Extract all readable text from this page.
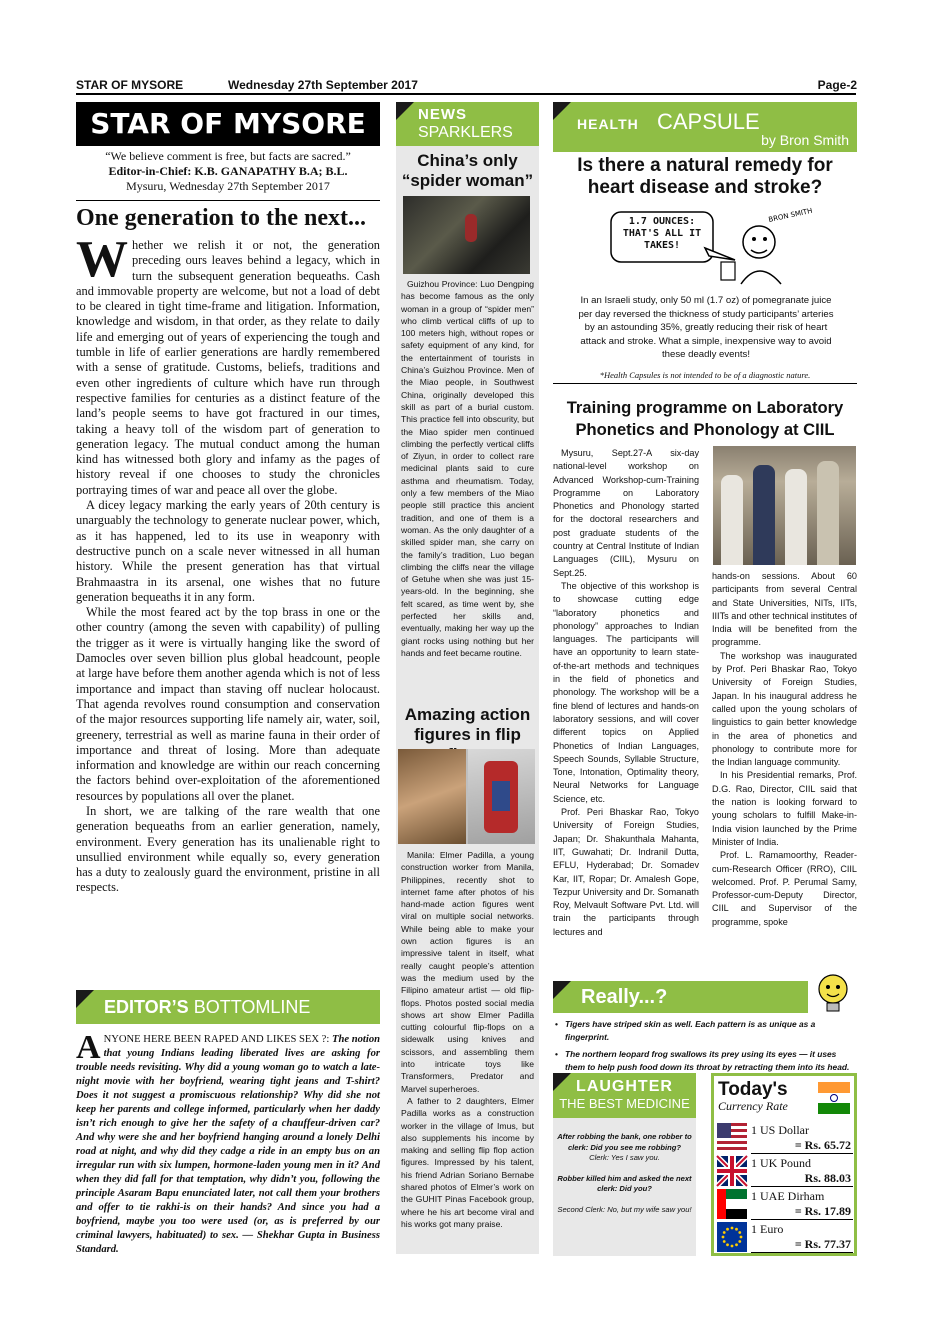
STAR OF MYSORE	Wednesday 27th September 2017	Page-2
STAR OF MYSORE
“We believe comment is free, but facts are sacred.”
Editor-in-Chief: K.B. GANAPATHY B.A; B.L.
Mysuru, Wednesday 27th September 2017
One generation to the next...

Whether we relish it or not, the generation preceding ours leaves behind a legacy, which in turn the subsequent generation bequeaths. Cash and immovable property are welcome, but not a load of debt to be cleared in tight time-frame and litigation. Information, knowledge and wisdom, in that order, as they relate to daily life and emerging out of years of experiencing the tough and tumble in life of earlier generations are hardly remembered with a sense of gratitude. Customs, beliefs, traditions and even other ingredients of culture which have run through respective families for centuries as a distinct feature of the land’s people seems to have got fractured in our times, taking a heavy toll of the wisdom part of generation to generation legacy. The mutual conduct among the human kind has witnessed both glory and infamy as the pages of history reveal if one chooses to study the chronicles portraying times of war and peace all over the globe.

A dicey legacy marking the early years of 20th century is unarguably the technology to generate nuclear power, which, as it has happened, led to its use in weaponry with destructive punch on a scale never witnessed in all human history. While the present generation has that virtual Brahmaastra in its arsenal, one wishes that no future generation bequeaths it in any form.

While the most feared act by the top brass in one or the other country (among the seven with capability) of pulling the trigger as it were is virtually hanging like the sword of Damocles over seven billion plus global headcount, people at large have before them another agenda which is not of less importance and impact than staving off nuclear holocaust. That agenda revolves round consumption and conservation of the major resources supporting life namely air, water, soil, greenery, terrestrial as well as marine fauna in their order of importance and threat of losing. More than adequate information and knowledge are within our reach concerning the factors behind over-exploitation of the aforementioned resources by populations all over the planet.

In short, we are talking of the rare wealth that one generation bequeaths from an earlier generation, namely, environment. Every generation has its unalienable right to unsullied environment while equally so, every generation has a duty to zealously guard the environment, pristine in all respects.

EDITOR’S BOTTOMLINE
ANYONE HERE BEEN RAPED AND LIKES SEX ?: The notion that young Indians leading liberated lives are asking for trouble needs revisiting. Why did a young woman go to watch a late-night movie with her boyfriend, wearing tight jeans and T-shirt? Does it not suggest a promiscuous relationship? Why did she not keep her parents and college informed, particularly when her daddy isn’t rich enough to give her the safety of a chauffeur-driven car? And why were she and her boyfriend hanging around a lonely Delhi road at night, and why did they cadge a ride in an empty bus on an irregular run with six lumpen, hormone-laden young men in it? And when they did fall for that temptation, why didn’t you, following the principle Asaram Bapu enunciated later, not call them your brothers and offer to tie rakhi-is on their hands? And since you had a boyfriend, maybe you too were used (or, as is preferred by our criminal lawyers, habituated) to sex. — Shekhar Gupta in Business Standard.
NEWS
SPARKLERS
China’s only “spider woman”

Guizhou Province: Luo Dengping has become famous as the only woman in a group of “spider men” who climb vertical cliffs of up to 100 meters high, without ropes or safety equipment of any kind, for the entertainment of tourists in China’s Guizhou Province. Men of the Miao people, in Southwest China, originally developed this skill as part of a burial custom. This practice fell into obscurity, but the Miao spider men continued climbing the perfectly vertical cliffs of Ziyun, in order to collect rare medicinal plants said to cure asthma and rheumatism. Today, only a few members of the Miao people still practice this ancient tradition, and one of them is a woman. As the only daughter of a skilled spider man, she carry on the family’s tradition, Luo began climbing the cliffs near the village of Getuhe when she was just 15-years-old. In the beginning, she felt scared, as time went by, she perfected her skills and, eventually, making her way up the giant rocks using nothing but her hands and feet became routine.

Amazing action figures in flip

Manila: Elmer Padilla, a young construction worker from Manila, Philippines, recently shot to internet fame after photos of his hand-made action figures went viral on multiple social networks. While being able to make your own action figures is an impressive talent in itself, what really caught people’s attention was the medium used by the Filipino amateur artist — old flip-flops. Photos posted social media shows art show Elmer Padilla cutting colourful flip-flops on a sidewalk using knives and scissors, and assembling them into intricate toys like Transformers, Predator and Marvel superheroes.

A father to 2 daughters, Elmer Padilla works as a construction worker in the village of Imus, but also supplements his income by making and selling flip flop action figures. Impressed by his talent, his friend Adrian Soriano Bernabe shared photos of Elmer’s work on the GUHIT Pinas Facebook group, where he his art become viral and his works got many praise.

HEALTH CAPSULE
by Bron Smith
Is there a natural remedy for heart disease and stroke?
1.7 OUNCES: THAT'S ALL IT TAKES!
BRON SMITH
In an Israeli study, only 50 ml (1.7 oz) of pomegranate juice per day reversed the thickness of study participants’ arteries by an astounding 35%, greatly reducing their risk of heart attack and stroke. What a simple, inexpensive way to avoid these deadly events!
*Health Capsules is not intended to be of a diagnostic nature.
Training programme on Laboratory Phonetics and Phonology at CIIL

Mysuru, Sept.27-A six-day national-level workshop on Advanced Workshop-cum-Training Programme on Laboratory Phonetics and Phonology started for the doctoral researchers and post graduate students of the country at Central Institute of Indian Languages (CIIL), Mysuru on Sept.25.

The objective of this workshop is to showcase cutting edge “laboratory phonetics and phonology” approaches to Indian languages. The participants will have an opportunity to learn state-of-the-art methods and techniques in the field of phonetics and phonology. The workshop will be a fine blend of lectures and hands-on laboratory sessions, and will cover different topics on Applied Phonetics of Indian Languages, Speech Sounds, Syllable Structure, Tone, Intonation, Optimality theory, Neural Networks for Language Science, etc.

Prof. Peri Bhaskar Rao, Tokyo University of Foreign Studies, Japan; Dr. Shakunthala Mahanta, IIT, Guwahati; Dr. Indranil Dutta, EFLU, Hyderabad; Dr. Somadev Kar, IIT, Ropar; Dr. Amalesh Gope, Tezpur University and Dr. Somanath Roy, Melvault Software Pvt. Ltd. will train the participants through lectures and

hands-on sessions. About 60 participants from several Central and State Universities, NITs, IITs, IIITs and other technical institutes of India will be benefited from the programme.

The workshop was inaugurated by Prof. Peri Bhaskar Rao, Tokyo University of Foreign Studies, Japan. In his inaugural address he called upon the young scholars of linguistics to gain better knowledge in the area of phonetics and phonology to contribute more for the Indian language community.

In his Presidential remarks, Prof. D.G. Rao, Director, CIIL said that the nation is looking forward to young scholars to fulfill Make-in-India vision launched by the Prime Minister of India.

Prof. L. Ramamoorthy, Reader-cum-Research Officer (RRO), CIIL welcomed. Prof. P. Perumal Samy, Professor-cum-Deputy Director, CIIL and Supervisor of the programme, spoke

Really...?
• Tigers have striped skin as well. Each pattern is as unique as a fingerprint.
• The northern leopard frog swallows its prey using its eyes — it uses them to help push food down its throat by retracting them into its head.
LAUGHTER
THE BEST MEDICINE
After robbing the bank, one robber to clerk: Did you see me robbing?
Clerk: Yes I saw you.
Robber killed him and asked the next clerk: Did you?
Second Clerk: No, but my wife saw you!
Today's
Currency Rate
1 US Dollar
= Rs. 65.72
1 UK Pound
Rs. 88.03
1 UAE Dirham
= Rs. 17.89
1 Euro
= Rs. 77.37
